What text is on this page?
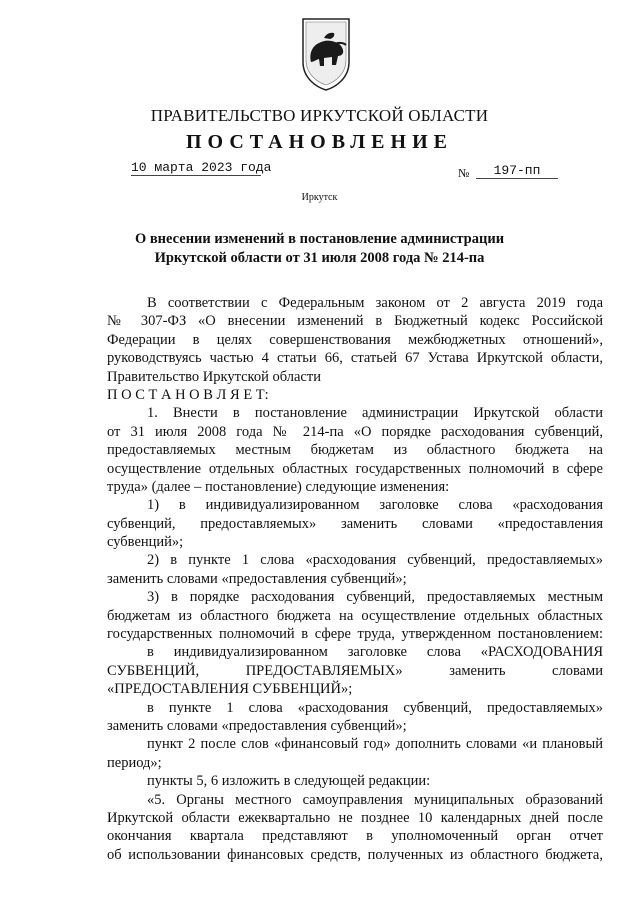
ПРАВИТЕЛЬСТВО ИРКУТСКОЙ ОБЛАСТИ
ПОСТАНОВЛЕНИЕ
10 марта 2023 года	№	197-пп
Иркутск
О внесении изменений в постановление администрации
Иркутской области от 31 июля 2008 года № 214-па
В соответствии с Федеральным законом от 2 августа 2019 года
№ 307-ФЗ «О внесении изменений в Бюджетный кодекс Российской
Федерации в целях совершенствования межбюджетных отношений»,
руководствуясь частью 4 статьи 66, статьей 67 Устава Иркутской области,
Правительство Иркутской области
П О С Т А Н О В Л Я Е Т:
1. Внести в постановление администрации Иркутской области
от 31 июля 2008 года № 214-па «О порядке расходования субвенций,
предоставляемых местным бюджетам из областного бюджета на
осуществление отдельных областных государственных полномочий в сфере
труда» (далее – постановление) следующие изменения:
1) в индивидуализированном заголовке слова «расходования
субвенций, предоставляемых» заменить словами «предоставления
субвенций»;
2) в пункте 1 слова «расходования субвенций, предоставляемых»
заменить словами «предоставления субвенций»;
3) в порядке расходования субвенций, предоставляемых местным
бюджетам из областного бюджета на осуществление отдельных областных
государственных полномочий в сфере труда, утвержденном постановлением:
в индивидуализированном заголовке слова «РАСХОДОВАНИЯ
СУБВЕНЦИЙ, ПРЕДОСТАВЛЯЕМЫХ» заменить словами
«ПРЕДОСТАВЛЕНИЯ СУБВЕНЦИЙ»;
в пункте 1 слова «расходования субвенций, предоставляемых»
заменить словами «предоставления субвенций»;
пункт 2 после слов «финансовый год» дополнить словами «и плановый
период»;
пункты 5, 6 изложить в следующей редакции:
«5. Органы местного самоуправления муниципальных образований
Иркутской области ежеквартально не позднее 10 календарных дней после
окончания квартала представляют в уполномоченный орган отчет
об использовании финансовых средств, полученных из областного бюджета,
